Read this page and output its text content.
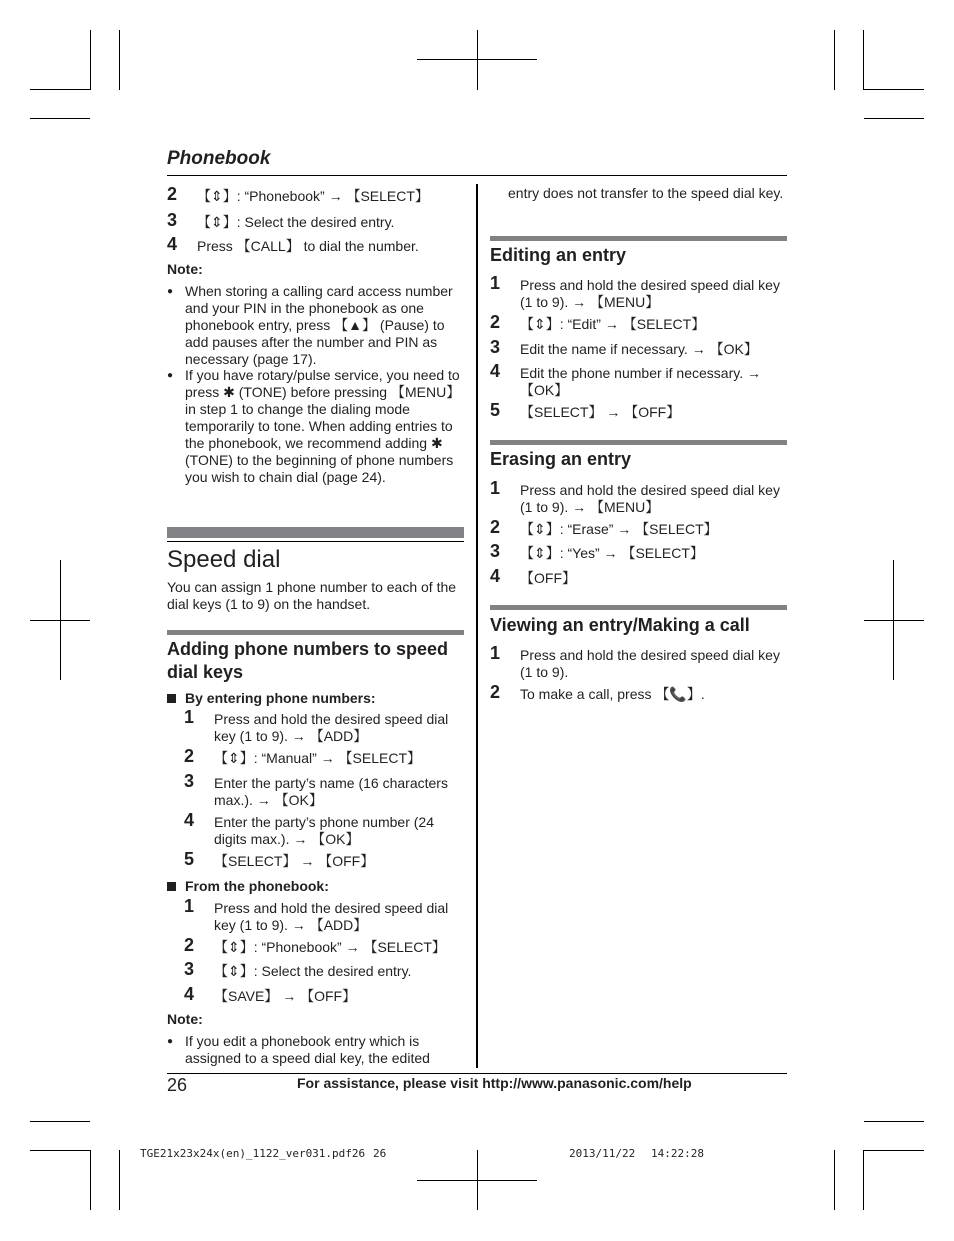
Phonebook
2 【⇕】: “Phonebook” → 【SELECT】
3 【⇕】: Select the desired entry.
4 Press 【CALL】 to dial the number.
Note:
● When storing a calling card access number and your PIN in the phonebook as one phonebook entry, press 【▲】 (Pause) to add pauses after the number and PIN as necessary (page 17).
● If you have rotary/pulse service, you need to press ✱ (TONE) before pressing 【MENU】 in step 1 to change the dialing mode temporarily to tone. When adding entries to the phonebook, we recommend adding ✱ (TONE) to the beginning of phone numbers you wish to chain dial (page 24).
Speed dial
You can assign 1 phone number to each of the dial keys (1 to 9) on the handset.
Adding phone numbers to speed dial keys
By entering phone numbers:
1 Press and hold the desired speed dial key (1 to 9). → 【ADD】
2 【⇕】: “Manual” → 【SELECT】
3 Enter the party’s name (16 characters max.). → 【OK】
4 Enter the party’s phone number (24 digits max.). → 【OK】
5 【SELECT】 → 【OFF】
From the phonebook:
1 Press and hold the desired speed dial key (1 to 9). → 【ADD】
2 【⇕】: “Phonebook” → 【SELECT】
3 【⇕】: Select the desired entry.
4 【SAVE】 → 【OFF】
Note:
● If you edit a phonebook entry which is assigned to a speed dial key, the edited
entry does not transfer to the speed dial key.
Editing an entry
1 Press and hold the desired speed dial key (1 to 9). → 【MENU】
2 【⇕】: “Edit” → 【SELECT】
3 Edit the name if necessary. → 【OK】
4 Edit the phone number if necessary. → 【OK】
5 【SELECT】 → 【OFF】
Erasing an entry
1 Press and hold the desired speed dial key (1 to 9). → 【MENU】
2 【⇕】: “Erase” → 【SELECT】
3 【⇕】: “Yes” → 【SELECT】
4 【OFF】
Viewing an entry/Making a call
1 Press and hold the desired speed dial key (1 to 9).
2 To make a call, press 【📞】.
26	For assistance, please visit http://www.panasonic.com/help
TGE21x23x24x(en)_1122_ver031.pdf26 26	2013/11/22 14:22:28
